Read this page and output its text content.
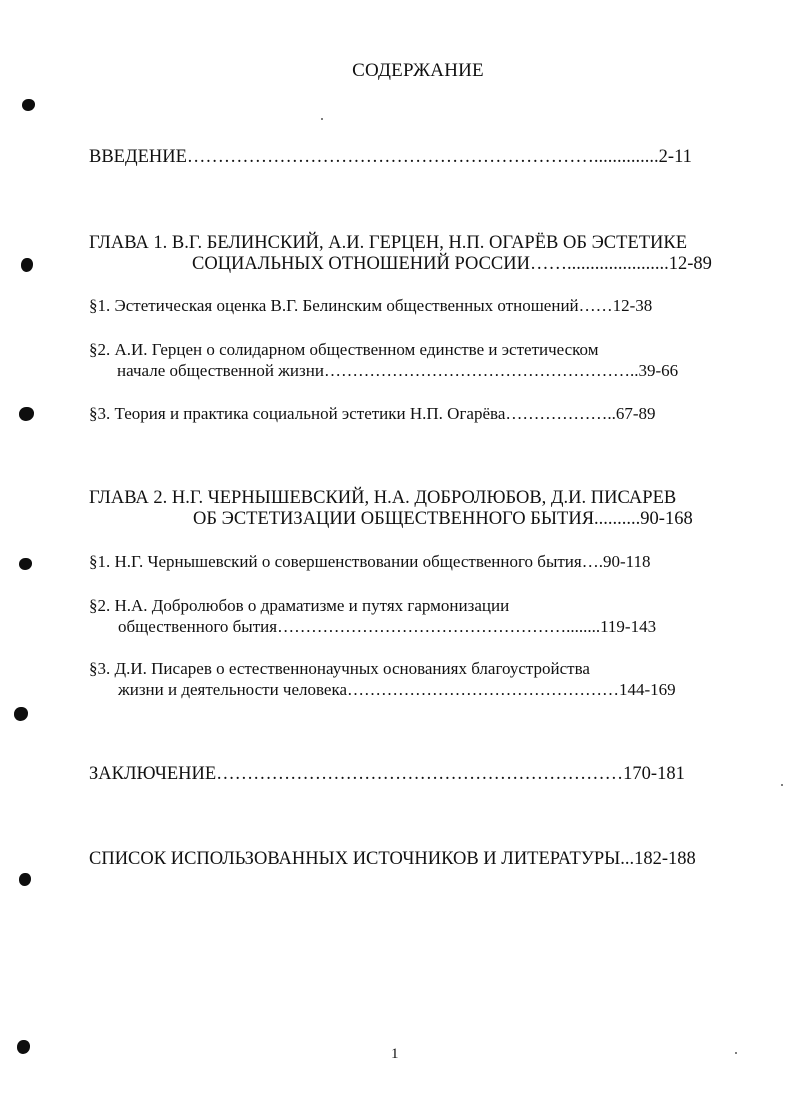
СОДЕРЖАНИЕ
ВВЕДЕНИЕ…………………………………………………………..............2-11
ГЛАВА 1. В.Г. БЕЛИНСКИЙ, А.И. ГЕРЦЕН, Н.П. ОГАРЁВ ОБ ЭСТЕТИКЕ
СОЦИАЛЬНЫХ ОТНОШЕНИЙ РОССИИ……......................12-89
§1. Эстетическая оценка В.Г. Белинским общественных отношений……12-38
§2. А.И. Герцен о солидарном общественном единстве и эстетическом
начале общественной жизни………………………………………………..39-66
§3. Теория и практика социальной эстетики Н.П. Огарёва………………..67-89
ГЛАВА 2. Н.Г. ЧЕРНЫШЕВСКИЙ, Н.А. ДОБРОЛЮБОВ, Д.И. ПИСАРЕВ
ОБ ЭСТЕТИЗАЦИИ ОБЩЕСТВЕННОГО БЫТИЯ..........90-168
§1. Н.Г. Чернышевский о совершенствовании общественного бытия….90-118
§2. Н.А. Добролюбов о драматизме и путях гармонизации
общественного бытия……………………………………………........119-143
§3. Д.И. Писарев о естественнонаучных основаниях благоустройства
жизни и деятельности человека…………………………………………144-169
ЗАКЛЮЧЕНИЕ…………………………………………………………170-181
СПИСОК ИСПОЛЬЗОВАННЫХ ИСТОЧНИКОВ И ЛИТЕРАТУРЫ...182-188
1
